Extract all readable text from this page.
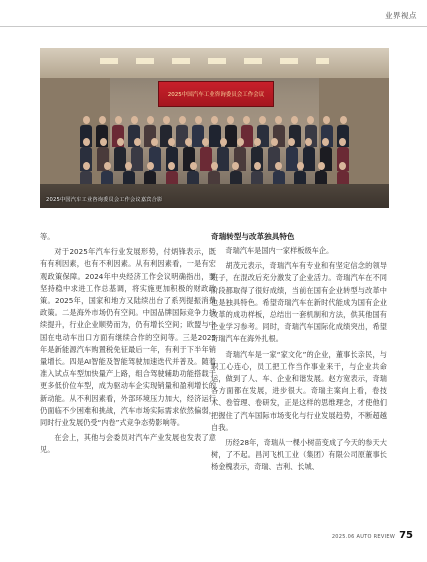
业界视点
2025中国汽车工业咨询委员会工作会议
2025中国汽车工业咨询委员会工作会议嘉宾合影

等。

对于2025年汽车行业发展形势，付炳锋表示，既有有利因素，也有不利因素。从有利因素看，一是有宏观政策保障。2024年中央经济工作会议明确指出，要坚持稳中求进工作总基调，将实施更加积极的财政政策。2025年，国家和地方又陆续出台了系列提振消费政策。二是海外市场仍有空间。中国品牌国际竞争力持续提升，行业企业顺势而为，仍有增长空间；欧盟与中国在电动车出口方面有继续合作的空间等。三是2025年是新能源汽车购置税免征最后一年，有利于下半年销量增长。四是AI智能及智能驾驶加速迭代并普及。随着准入试点车型加快量产上路，组合驾驶辅助功能搭载于更多低价位车型，成为驱动车企实现销量和盈利增长的新动能。从不利因素看，外部环境压力加大，经济运行仍面临不少困难和挑战，汽车市场实际需求依然偏弱，同时行业发展仍受“内卷”式竞争态势影响等。

在会上，其他与会委员对汽车产业发展也发表了意见。

奇瑞转型与改革独具特色

奇瑞汽车是国内一家样板级车企。

胡茂元表示，奇瑞汽车有专业和有坚定信念的领导班子，在混改后充分激发了企业活力。奇瑞汽车在不同阶段都取得了很好成绩，当前在国有企业转型与改革中也是独具特色。希望奇瑞汽车在新时代能成为国有企业改革的成功样板，总结出一套机制和方法，供其他国有企业学习参考。同时，奇瑞汽车国际化成绩突出，希望奇瑞汽车在海外扎根。

奇瑞汽车是一家“家文化”的企业，董事长亲民，与职工心连心，员工把工作当作事业来干，与企业共命运，做到了人、车、企业和谐发展。赵方宽表示，奇瑞各方面都在发展，进步很大。奇瑞主案向上看，卷技术、卷管理、卷研发，正是这样的思维理念，才使他们把握住了汽车国际市场变化与行业发展趋势，不断超越自我。

历经28年，奇瑞从一棵小树苗变成了今天的参天大树，了不起。昌河飞机工业（集团）有限公司原董事长杨金槐表示，奇瑞、吉利、长城、

2025.06 AUTO REVIEW 75
